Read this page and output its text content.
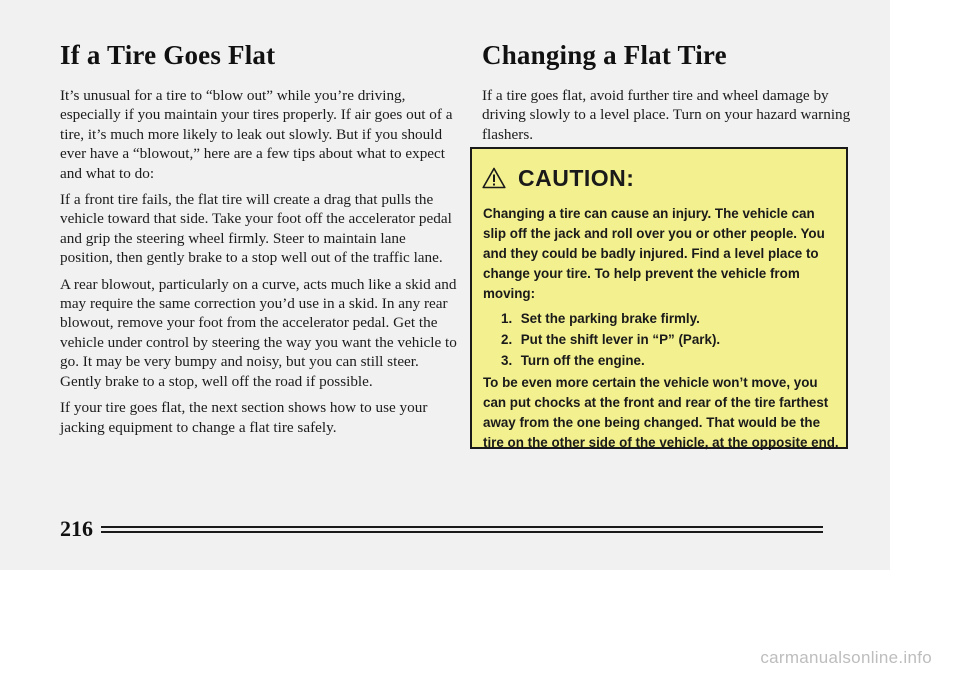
If a Tire Goes Flat

It’s unusual for a tire to “blow out” while you’re driving, especially if you maintain your tires properly. If air goes out of a tire, it’s much more likely to leak out slowly. But if you should ever have a “blowout,” here are a few tips about what to expect and what to do:

If a front tire fails, the flat tire will create a drag that pulls the vehicle toward that side. Take your foot off the accelerator pedal and grip the steering wheel firmly. Steer to maintain lane position, then gently brake to a stop well out of the traffic lane.

A rear blowout, particularly on a curve, acts much like a skid and may require the same correction you’d use in a skid. In any rear blowout, remove your foot from the accelerator pedal. Get the vehicle under control by steering the way you want the vehicle to go. It may be very bumpy and noisy, but you can still steer. Gently brake to a stop, well off the road if possible.

If your tire goes flat, the next section shows how to use your jacking equipment to change a flat tire safely.

Changing a Flat Tire

If a tire goes flat, avoid further tire and wheel damage by driving slowly to a level place. Turn on your hazard warning flashers.

CAUTION:

Changing a tire can cause an injury. The vehicle can slip off the jack and roll over you or other people. You and they could be badly injured. Find a level place to change your tire. To help prevent the vehicle from moving:

1. Set the parking brake firmly.
2. Put the shift lever in “P” (Park).
3. Turn off the engine.

To be even more certain the vehicle won’t move, you can put chocks at the front and rear of the tire farthest away from the one being changed. That would be the tire on the other side of the vehicle, at the opposite end.

216
carmanualsonline.info
